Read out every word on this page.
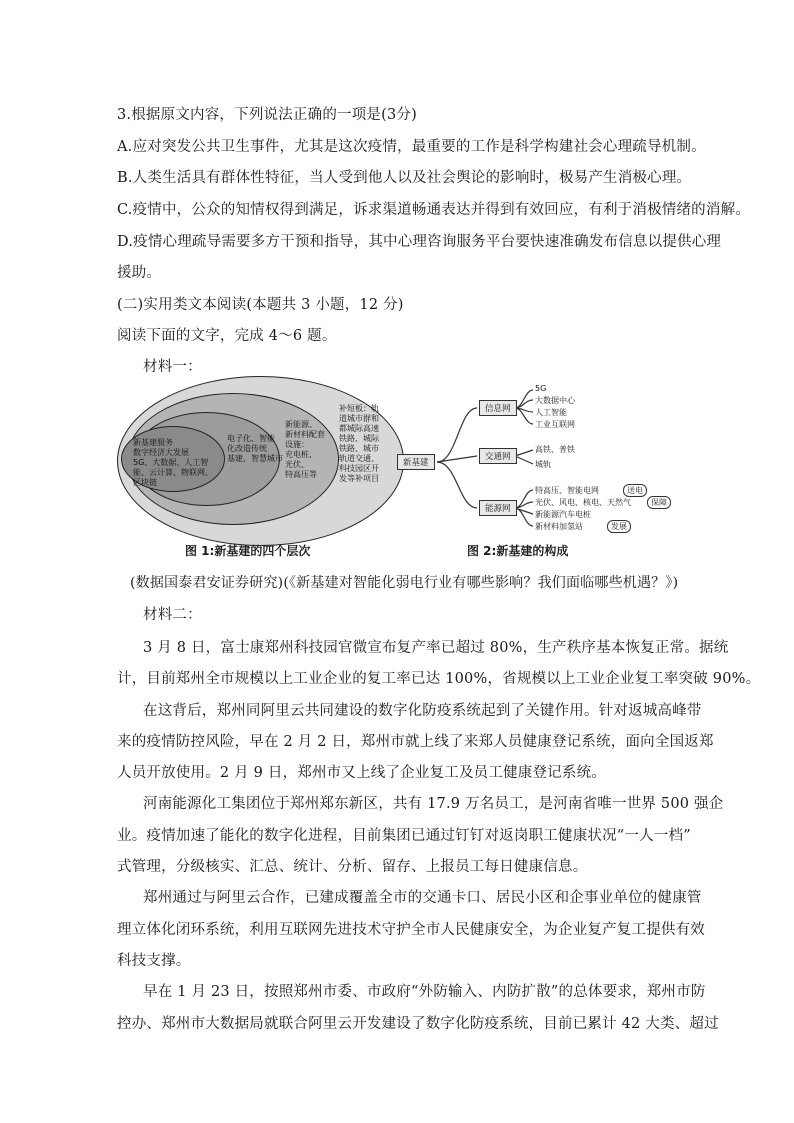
3.根据原文内容，下列说法正确的一项是(3分)
A.应对突发公共卫生事件，尤其是这次疫情，最重要的工作是科学构建社会心理疏导机制。
B.人类生活具有群体性特征，当人受到他人以及社会舆论的影响时，极易产生消极心理。
C.疫情中，公众的知情权得到满足，诉求渠道畅通表达并得到有效回应，有利于消极情绪的消解。
D.疫情心理疏导需要多方干预和指导，其中心理咨询服务平台要快速准确发布信息以提供心理
援助。
(二)实用类文本阅读(本题共 3 小题，12 分)
阅读下面的文字，完成 4～6 题。
材料一：
新基建服务
数字经济大发展
5G、大数据、人工智
能、云计算、物联网、
区块链
电子化、智能
化改造传统
基建，智慧城市
新能源、
新材料配套
设施：
充电桩、
光伏、
特高压等
补短板：轨
道城市群和
都城际高速
铁路、城际
铁路、城市
轨道交通、
科技园区开
发等补项目
图 1:新基建的四个层次
新基建
信息网
交通网
能源网
5G
大数据中心
人工智能
工业互联网
高铁、普铁
城轨
特高压、智能电网
光伏、风电、核电、天然气
新能源汽车电桩
新材料加氢站
送电
保障
发展
图 2:新基建的构成
(数据国泰君安证券研究)(《新基建对智能化弱电行业有哪些影响？我们面临哪些机遇？》)
材料二：
3 月 8 日，富士康郑州科技园官微宣布复产率已超过 80%，生产秩序基本恢复正常。据统
计，目前郑州全市规模以上工业企业的复工率已达 100%，省规模以上工业企业复工率突破 90%。
在这背后，郑州同阿里云共同建设的数字化防疫系统起到了关键作用。针对返城高峰带
来的疫情防控风险，早在 2 月 2 日，郑州市就上线了来郑人员健康登记系统，面向全国返郑
人员开放使用。2 月 9 日，郑州市又上线了企业复工及员工健康登记系统。
河南能源化工集团位于郑州郑东新区，共有 17.9 万名员工，是河南省唯一世界 500 强企
业。疫情加速了能化的数字化进程，目前集团已通过钉钉对返岗职工健康状况“一人一档”
式管理，分级核实、汇总、统计、分析、留存、上报员工每日健康信息。
郑州通过与阿里云合作，已建成覆盖全市的交通卡口、居民小区和企事业单位的健康管
理立体化闭环系统，利用互联网先进技术守护全市人民健康安全，为企业复产复工提供有效
科技支撑。
早在 1 月 23 日，按照郑州市委、市政府“外防输入、内防扩散”的总体要求，郑州市防
控办、郑州市大数据局就联合阿里云开发建设了数字化防疫系统，目前已累计 42 大类、超过
